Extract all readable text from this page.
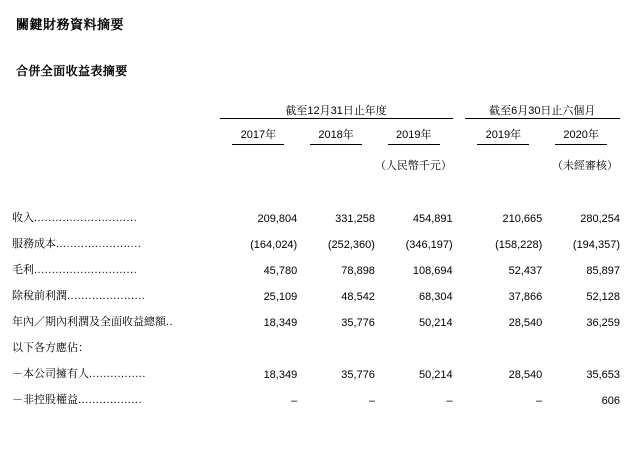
關鍵財務資料摘要
合併全面收益表摘要
	截至12月31日止年度				截至6月30日止六個月	
	2017年	2018年	2019年		2019年	2020年
			（人民幣千元）			（未經審核）

收入.............................	209,804	331,258	454,891		210,665	280,254
服務成本........................	(164,024)	(252,360)	(346,197)		(158,228)	(194,357)
毛利.............................	45,780	78,898	108,694		52,437	85,897
除稅前利潤......................	25,109	48,542	68,304		37,866	52,128
年內／期內利潤及全面收益總額..	18,349	35,776	50,214		28,540	36,259
以下各方應佔：						
－本公司擁有人................	18,349	35,776	50,214		28,540	35,653
－非控股權益..................	–	–	–		–	606
